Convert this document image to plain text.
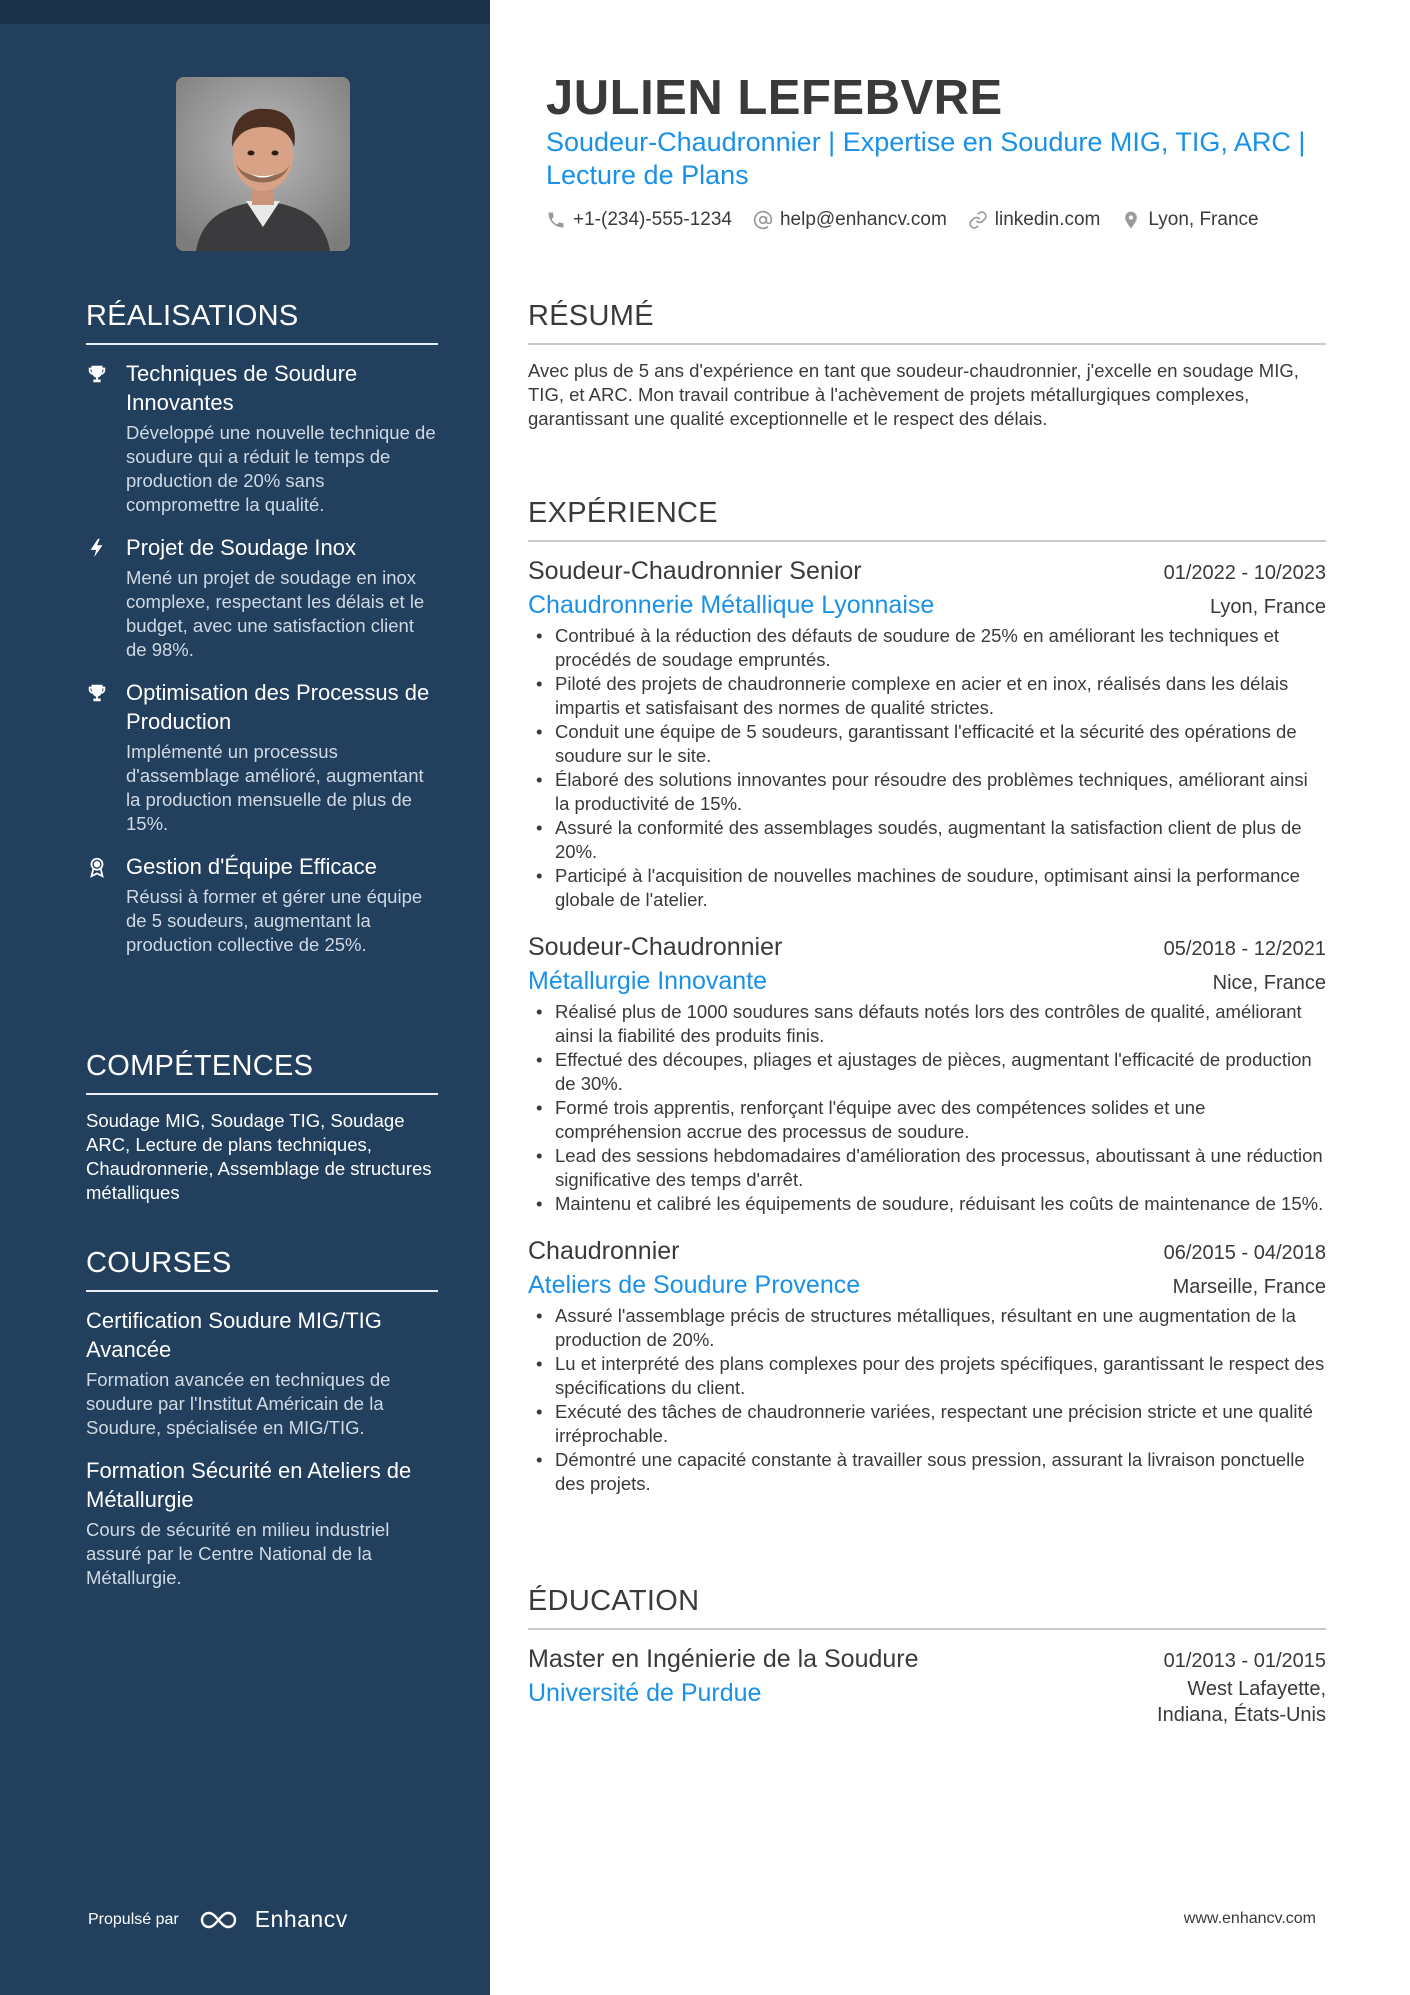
RÉALISATIONS
Techniques de Soudure Innovantes
Développé une nouvelle technique de soudure qui a réduit le temps de production de 20% sans compromettre la qualité.
Projet de Soudage Inox
Mené un projet de soudage en inox complexe, respectant les délais et le budget, avec une satisfaction client de 98%.
Optimisation des Processus de Production
Implémenté un processus d'assemblage amélioré, augmentant la production mensuelle de plus de 15%.
Gestion d'Équipe Efficace
Réussi à former et gérer une équipe de 5 soudeurs, augmentant la production collective de 25%.
COMPÉTENCES
Soudage MIG, Soudage TIG, Soudage ARC, Lecture de plans techniques, Chaudronnerie, Assemblage de structures métalliques
COURSES
Certification Soudure MIG/TIG Avancée
Formation avancée en techniques de soudure par l'Institut Américain de la Soudure, spécialisée en MIG/TIG.
Formation Sécurité en Ateliers de Métallurgie
Cours de sécurité en milieu industriel assuré par le Centre National de la Métallurgie.
Propulsé par	Enhancv
JULIEN LEFEBVRE
Soudeur-Chaudronnier | Expertise en Soudure MIG, TIG, ARC | Lecture de Plans
+1-(234)-555-1234	help@enhancv.com	linkedin.com	Lyon, France
RÉSUMÉ
Avec plus de 5 ans d'expérience en tant que soudeur-chaudronnier, j'excelle en soudage MIG, TIG, et ARC. Mon travail contribue à l'achèvement de projets métallurgiques complexes, garantissant une qualité exceptionnelle et le respect des délais.
EXPÉRIENCE
Soudeur-Chaudronnier Senior	01/2022 - 10/2023
Chaudronnerie Métallique Lyonnaise	Lyon, France
• Contribué à la réduction des défauts de soudure de 25% en améliorant les techniques et procédés de soudage empruntés.
• Piloté des projets de chaudronnerie complexe en acier et en inox, réalisés dans les délais impartis et satisfaisant des normes de qualité strictes.
• Conduit une équipe de 5 soudeurs, garantissant l'efficacité et la sécurité des opérations de soudure sur le site.
• Élaboré des solutions innovantes pour résoudre des problèmes techniques, améliorant ainsi la productivité de 15%.
• Assuré la conformité des assemblages soudés, augmentant la satisfaction client de plus de 20%.
• Participé à l'acquisition de nouvelles machines de soudure, optimisant ainsi la performance globale de l'atelier.
Soudeur-Chaudronnier	05/2018 - 12/2021
Métallurgie Innovante	Nice, France
• Réalisé plus de 1000 soudures sans défauts notés lors des contrôles de qualité, améliorant ainsi la fiabilité des produits finis.
• Effectué des découpes, pliages et ajustages de pièces, augmentant l'efficacité de production de 30%.
• Formé trois apprentis, renforçant l'équipe avec des compétences solides et une compréhension accrue des processus de soudure.
• Lead des sessions hebdomadaires d'amélioration des processus, aboutissant à une réduction significative des temps d'arrêt.
• Maintenu et calibré les équipements de soudure, réduisant les coûts de maintenance de 15%.
Chaudronnier	06/2015 - 04/2018
Ateliers de Soudure Provence	Marseille, France
• Assuré l'assemblage précis de structures métalliques, résultant en une augmentation de la production de 20%.
• Lu et interprété des plans complexes pour des projets spécifiques, garantissant le respect des spécifications du client.
• Exécuté des tâches de chaudronnerie variées, respectant une précision stricte et une qualité irréprochable.
• Démontré une capacité constante à travailler sous pression, assurant la livraison ponctuelle des projets.
ÉDUCATION
Master en Ingénierie de la Soudure	01/2013 - 01/2015
Université de Purdue	West Lafayette,
Indiana, États-Unis
www.enhancv.com
